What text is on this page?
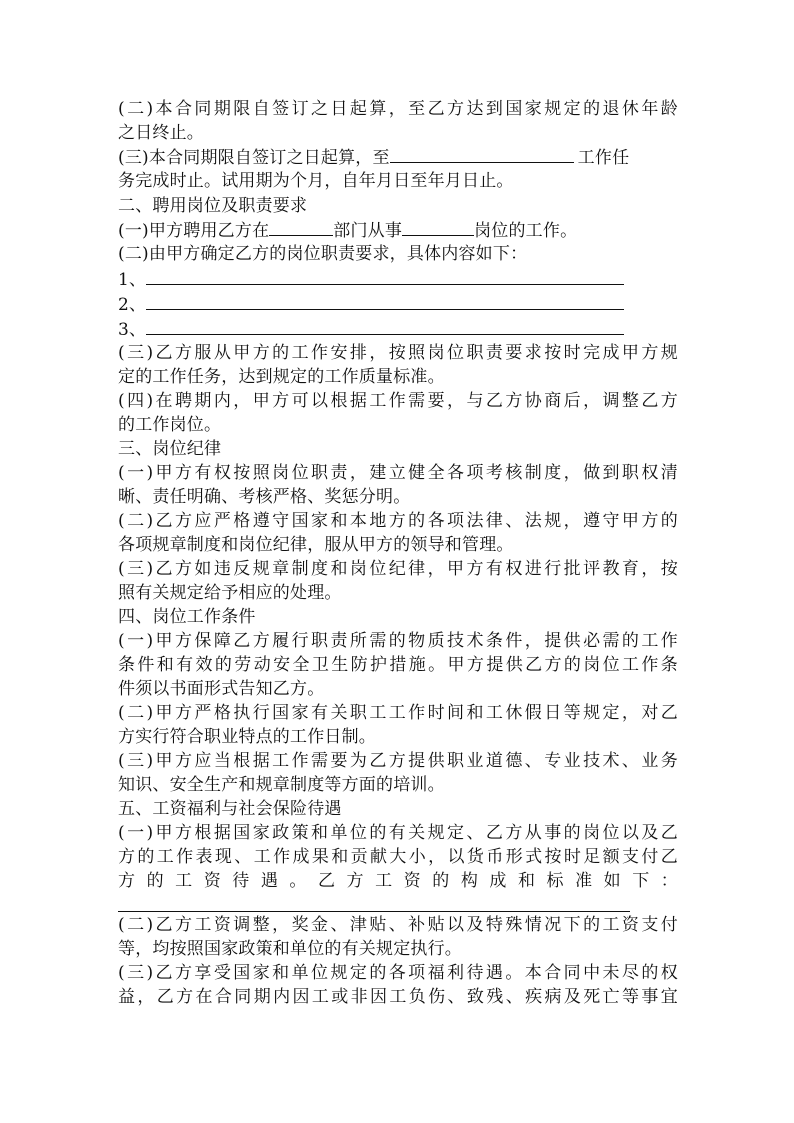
(二)本合同期限自签订之日起算，至乙方达到国家规定的退休年龄
之日终止。
(三)本合同期限自签订之日起算，至	工作任
务完成时止。试用期为个月，自年月日至年月日止。
二、聘用岗位及职责要求
(一)甲方聘用乙方在	部门从事	岗位的工作。
(二)由甲方确定乙方的岗位职责要求，具体内容如下：
1、
2、
3、
(三)乙方服从甲方的工作安排，按照岗位职责要求按时完成甲方规
定的工作任务，达到规定的工作质量标准。
(四)在聘期内，甲方可以根据工作需要，与乙方协商后，调整乙方
的工作岗位。
三、岗位纪律
(一)甲方有权按照岗位职责，建立健全各项考核制度，做到职权清
晰、责任明确、考核严格、奖惩分明。
(二)乙方应严格遵守国家和本地方的各项法律、法规，遵守甲方的
各项规章制度和岗位纪律，服从甲方的领导和管理。
(三)乙方如违反规章制度和岗位纪律，甲方有权进行批评教育，按
照有关规定给予相应的处理。
四、岗位工作条件
(一)甲方保障乙方履行职责所需的物质技术条件，提供必需的工作
条件和有效的劳动安全卫生防护措施。甲方提供乙方的岗位工作条
件须以书面形式告知乙方。
(二)甲方严格执行国家有关职工工作时间和工休假日等规定，对乙
方实行符合职业特点的工作日制。
(三)甲方应当根据工作需要为乙方提供职业道德、专业技术、业务
知识、安全生产和规章制度等方面的培训。
五、工资福利与社会保险待遇
(一)甲方根据国家政策和单位的有关规定、乙方从事的岗位以及乙
方的工作表现、工作成果和贡献大小，以货币形式按时足额支付乙
方的工资待遇。乙方工资的构成和标准如下：
(二)乙方工资调整，奖金、津贴、补贴以及特殊情况下的工资支付
等，均按照国家政策和单位的有关规定执行。
(三)乙方享受国家和单位规定的各项福利待遇。本合同中未尽的权
益，乙方在合同期内因工或非因工负伤、致残、疾病及死亡等事宜
